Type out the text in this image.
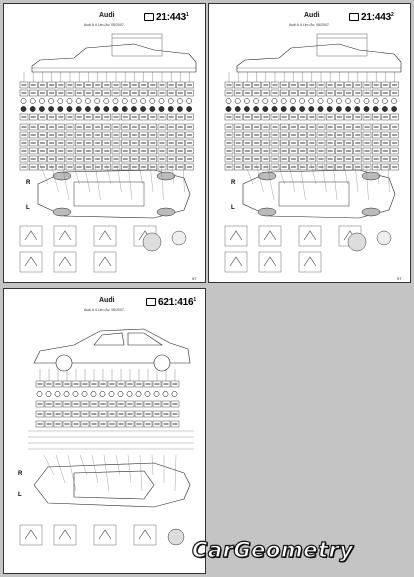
Audi
Audi A 4 Lim./Av. 08/2007-
$21:443^1$
R
L
97
Audi
Audi A 4 Lim./Av. 08/2007-
$21:443^2$
R
L
97
Audi
Audi A 4 Lim./Av. 08/2007-
$621:416^1$
R
L
CarGeometry
